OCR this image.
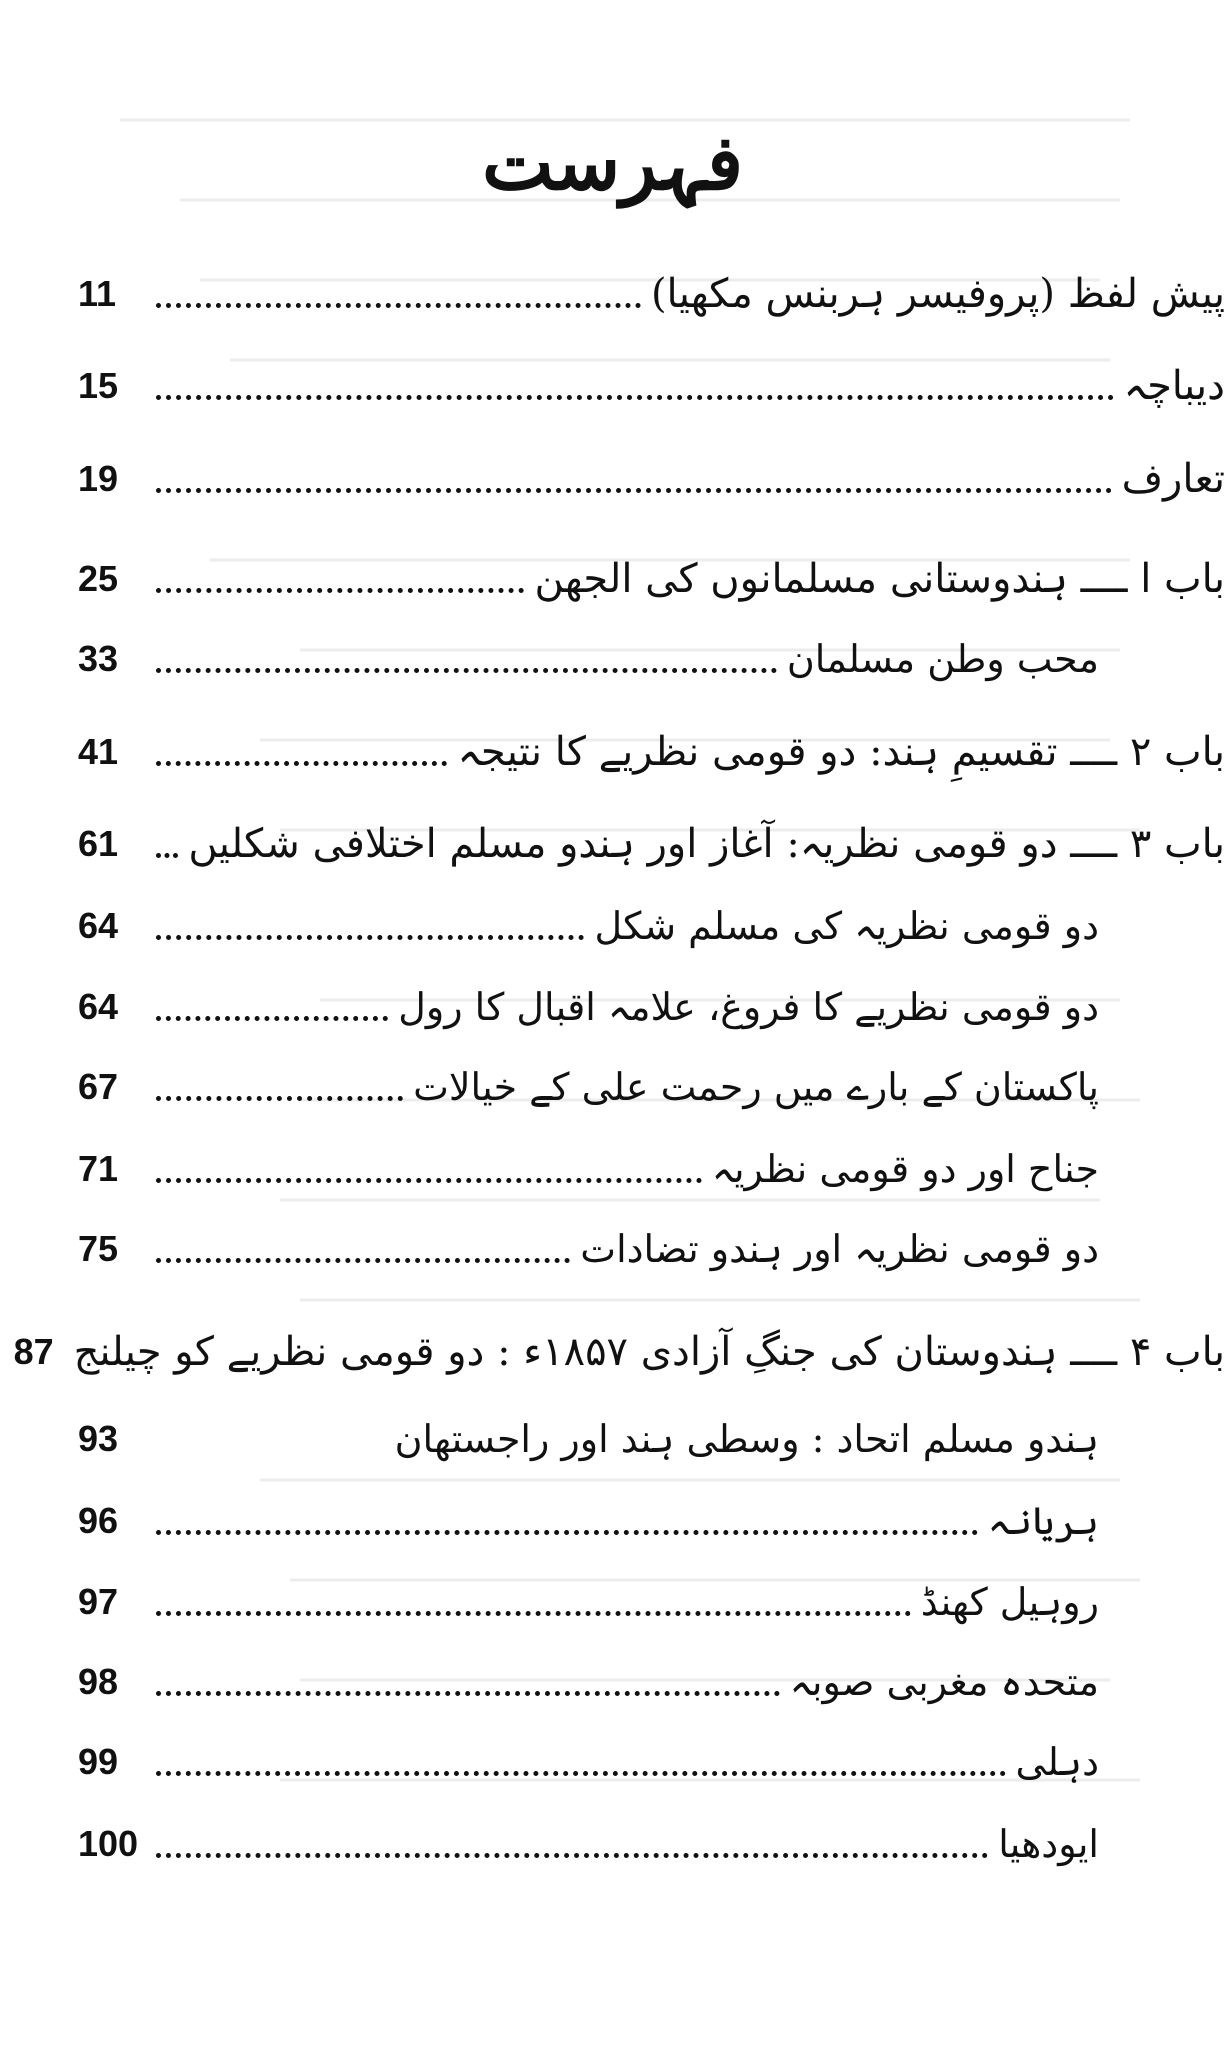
فہرست
پیش لفظ (پروفیسر ہربنس مکھیا)
11
دیباچہ
15
تعارف
19
باب ا ــــ ہندوستانی مسلمانوں کی الجھن
25
محب وطن مسلمان
33
باب ۲ ــــ تقسیمِ ہند: دو قومی نظریے کا نتیجہ
41
باب ۳ ــــ دو قومی نظریہ: آغاز اور ہندو مسلم اختلافی شکلیں
61
دو قومی نظریہ کی مسلم شکل
64
دو قومی نظریے کا فروغ، علامہ اقبال کا رول
64
پاکستان کے بارے میں رحمت علی کے خیالات
67
جناح اور دو قومی نظریہ
71
دو قومی نظریہ اور ہندو تضادات
75
باب ۴ ــــ ہندوستان کی جنگِ آزادی ۱۸۵۷ء : دو قومی نظریے کو چیلنج
87
ہندو مسلم اتحاد : وسطی ہند اور راجستھان
93
ہریانہ
96
روہیل کھنڈ
97
متحدہ مغربی صوبہ
98
دہلی
99
ایودھیا
100
